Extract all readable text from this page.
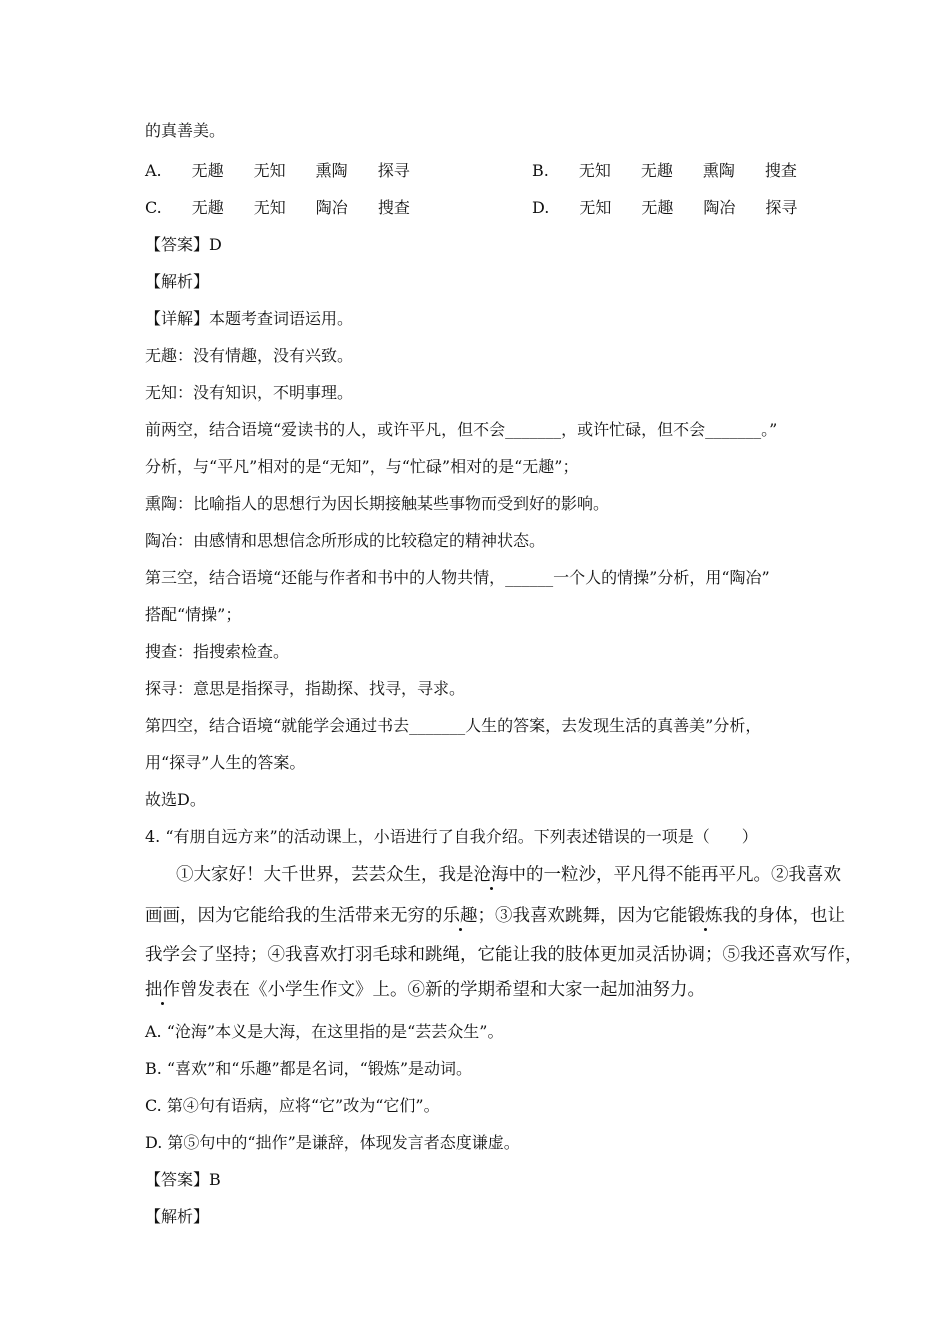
的真善美。
A. 无趣 无知 熏陶 探寻	B. 无知 无趣 熏陶 搜查
C. 无趣 无知 陶冶 搜查	D. 无知 无趣 陶冶 探寻
【答案】D
【解析】
【详解】本题考查词语运用。
无趣：没有情趣，没有兴致。
无知：没有知识，不明事理。
前两空，结合语境“爱读书的人，或许平凡，但不会_______，或许忙碌，但不会_______。”
分析，与“平凡”相对的是“无知”，与“忙碌”相对的是“无趣”；
熏陶：比喻指人的思想行为因长期接触某些事物而受到好的影响。
陶冶：由感情和思想信念所形成的比较稳定的精神状态。
第三空，结合语境“还能与作者和书中的人物共情，______一个人的情操”分析，用“陶冶”
搭配“情操”；
搜查：指搜索检查。
探寻：意思是指探寻，指勘探、找寻，寻求。
第四空，结合语境“就能学会通过书去_______人生的答案，去发现生活的真善美”分析，
用“探寻”人生的答案。
故选D。
4. “有朋自远方来”的活动课上，小语进行了自我介绍。下列表述错误的一项是（　　）
①大家好！大千世界，芸芸众生，我是沧海中的一粒沙，平凡得不能再平凡。②我喜欢
画画，因为它能给我的生活带来无穷的乐趣；③我喜欢跳舞，因为它能锻炼我的身体，也让
我学会了坚持；④我喜欢打羽毛球和跳绳，它能让我的肢体更加灵活协调；⑤我还喜欢写作，
拙作曾发表在《小学生作文》上。⑥新的学期希望和大家一起加油努力。
A. “沧海”本义是大海，在这里指的是“芸芸众生”。
B. “喜欢”和“乐趣”都是名词，“锻炼”是动词。
C. 第④句有语病，应将“它”改为“它们”。
D. 第⑤句中的“拙作”是谦辞，体现发言者态度谦虚。
【答案】B
【解析】
